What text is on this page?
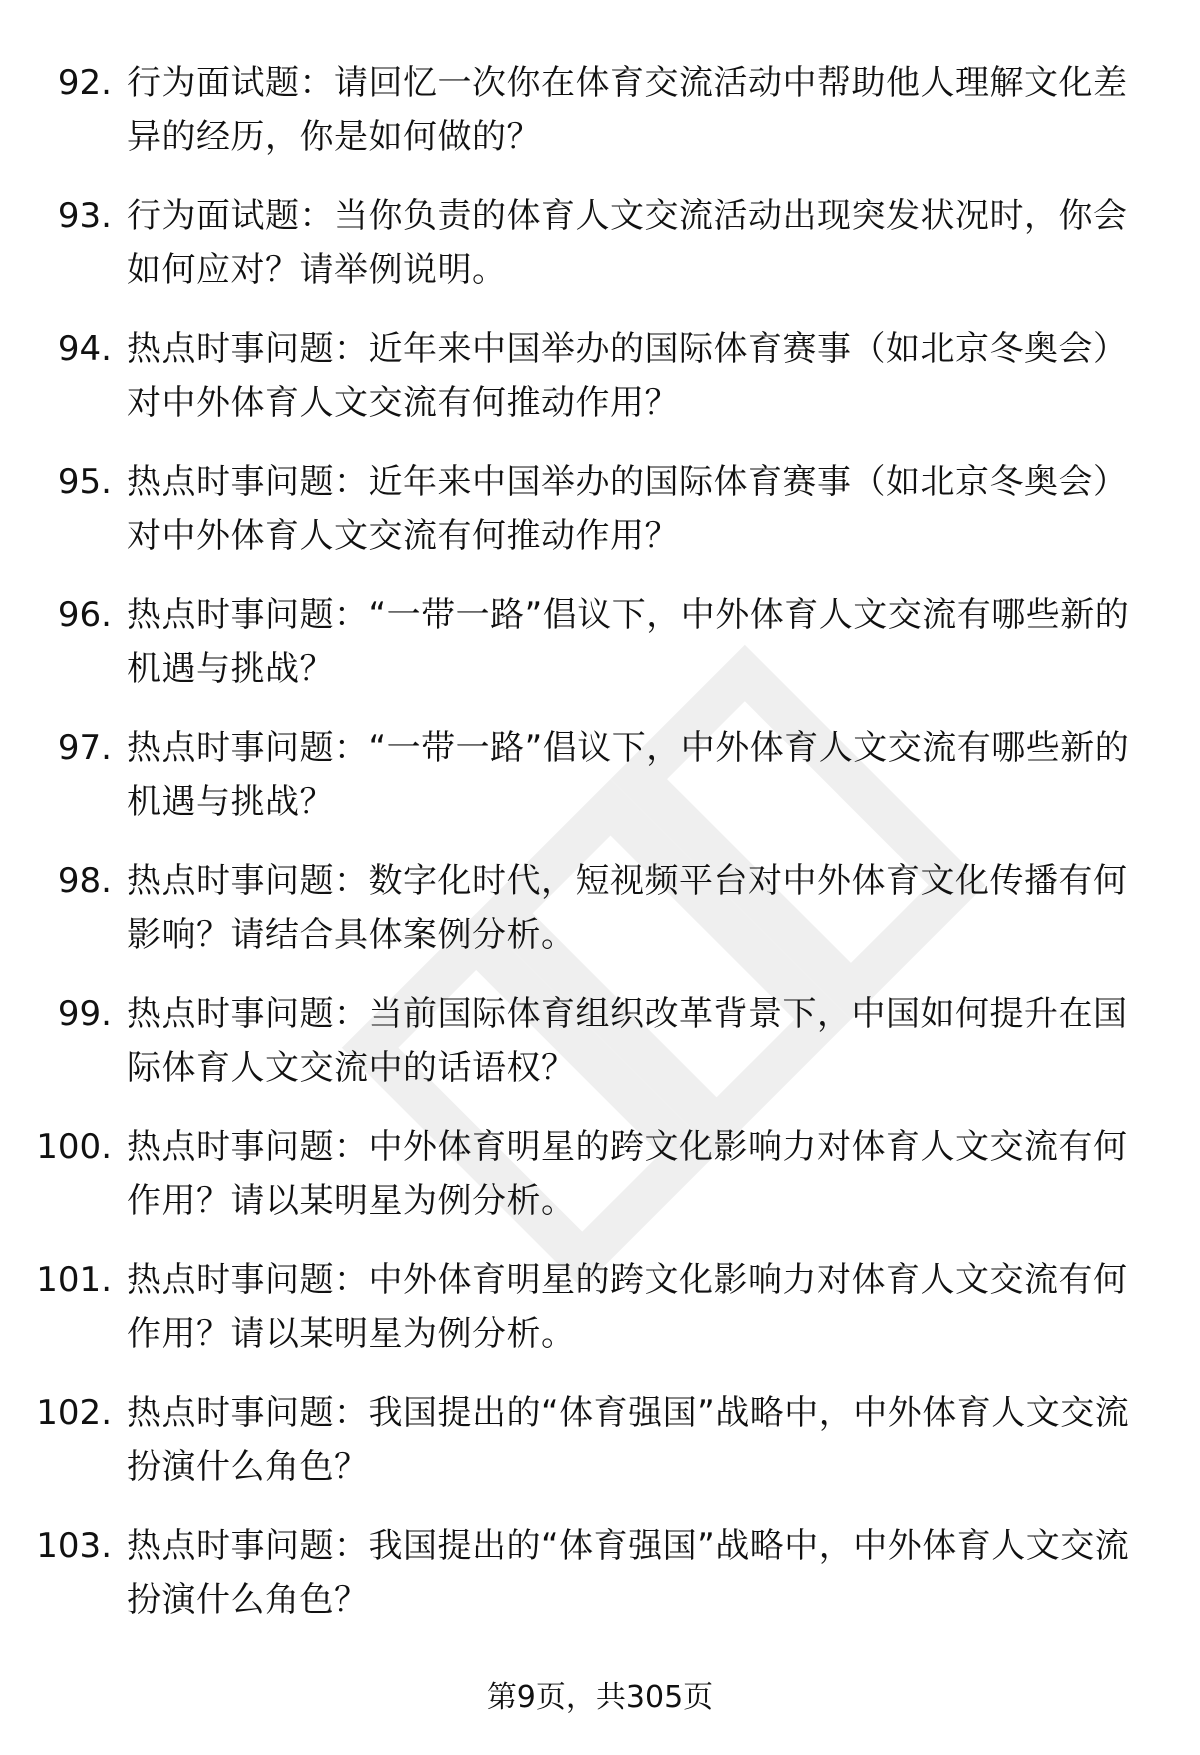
92. 行为面试题：请回忆一次你在体育交流活动中帮助他人理解文化差异的经历，你是如何做的？
93. 行为面试题：当你负责的体育人文交流活动出现突发状况时，你会如何应对？请举例说明。
94. 热点时事问题：近年来中国举办的国际体育赛事（如北京冬奥会）对中外体育人文交流有何推动作用？
95. 热点时事问题：近年来中国举办的国际体育赛事（如北京冬奥会）对中外体育人文交流有何推动作用？
96. 热点时事问题：“一带一路”倡议下，中外体育人文交流有哪些新的机遇与挑战？
97. 热点时事问题：“一带一路”倡议下，中外体育人文交流有哪些新的机遇与挑战？
98. 热点时事问题：数字化时代，短视频平台对中外体育文化传播有何影响？请结合具体案例分析。
99. 热点时事问题：当前国际体育组织改革背景下，中国如何提升在国际体育人文交流中的话语权？
100. 热点时事问题：中外体育明星的跨文化影响力对体育人文交流有何作用？请以某明星为例分析。
101. 热点时事问题：中外体育明星的跨文化影响力对体育人文交流有何作用？请以某明星为例分析。
102. 热点时事问题：我国提出的“体育强国”战略中，中外体育人文交流扮演什么角色？
103. 热点时事问题：我国提出的“体育强国”战略中，中外体育人文交流扮演什么角色？
第9页，共305页
